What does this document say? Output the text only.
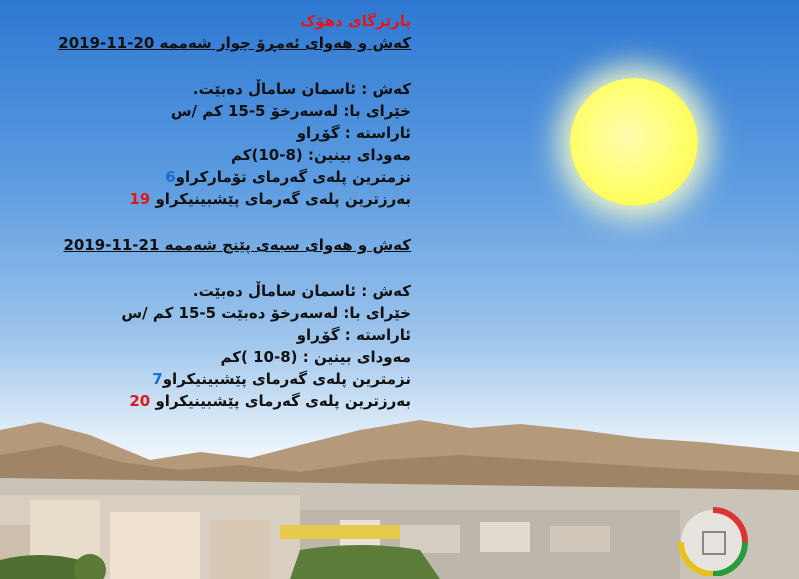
پارێزگای دهۆک
کەش و هەوای ئەمڕۆ چوار شەممە 20-11-2019
کەش : ئاسمان ساماڵ دەبێت.
خێرای با: لەسەرخۆ 5-15 کم /س
ئاراستە : گۆڕاو
مەودای بینین: (8-10)کم
نزمترین پلەی گەرمای تۆمارکراو6
بەرزترین پلەی گەرمای پێشبینیکراو 19
کەش و هەوای سبەی پێنج شەممە 21-11-2019
کەش : ئاسمان ساماڵ دەبێت.
خێرای با: لەسەرخۆ دەبێت 5-15 کم /س
ئاراستە : گۆڕاو
مەودای بینین : (8-10 )کم
نزمترین پلەی گەرمای پێشبینیکراو7
بەرزترین پلەی گەرمای پێشبینیکراو 20
